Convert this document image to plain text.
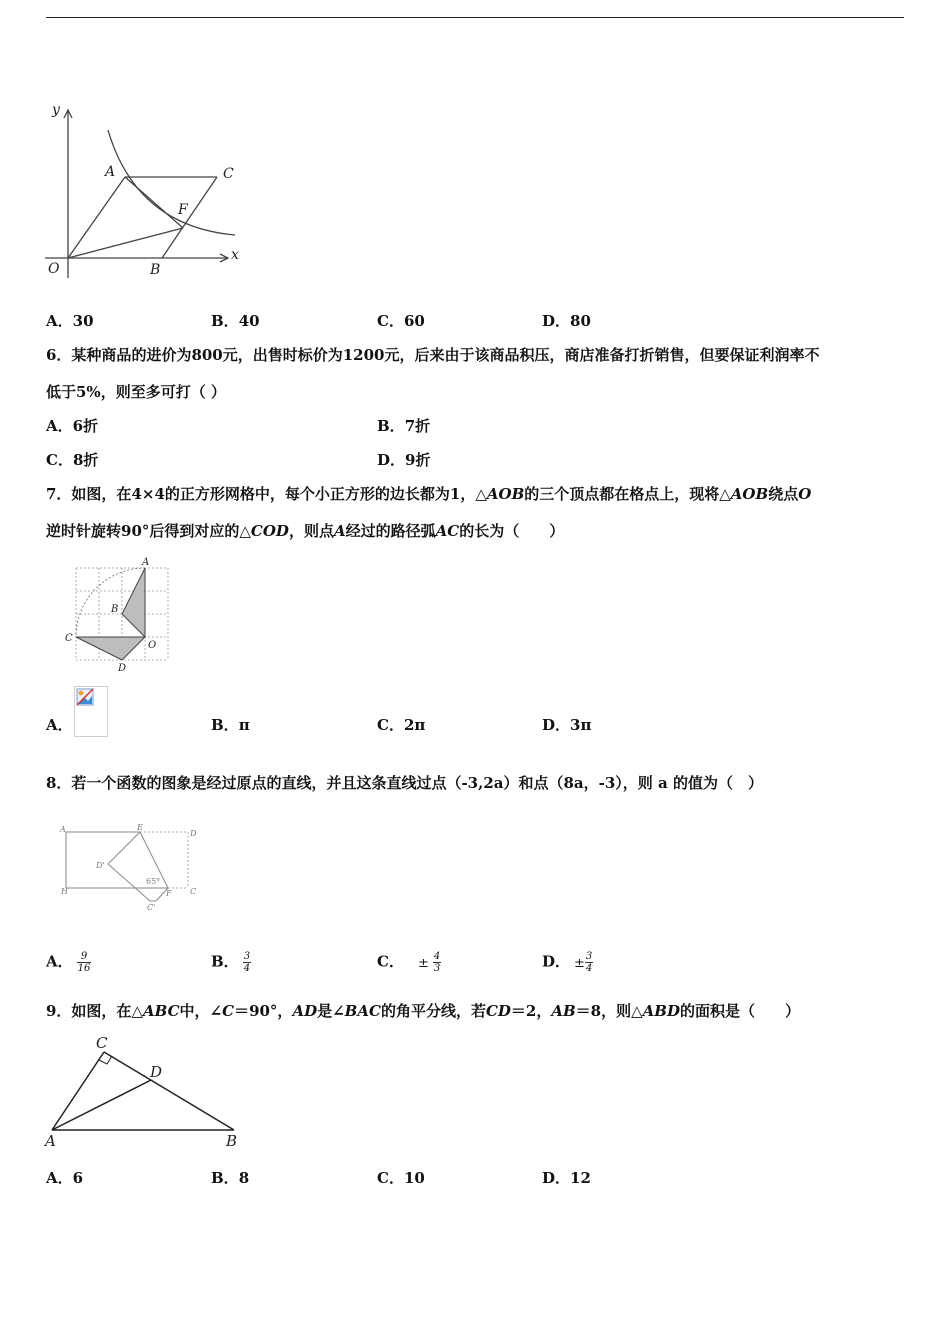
y
x
O
A
B
C
F
A．30	B．40	C．60	D．80
6．某种商品的进价为800元，出售时标价为1200元，后来由于该商品积压，商店准备打折销售，但要保证利润率不
低于5%，则至多可打（ ）
A．6折	B．7折
C．8折	D．9折
7．如图，在4×4的正方形网格中，每个小正方形的边长都为1，△AOB的三个顶点都在格点上，现将△AOB绕点O
逆时针旋转90°后得到对应的△COD，则点A经过的路径弧AC的长为（　　）
A
B
C
O
D
A．	B．π	C．2π	D．3π
8．若一个函数的图象是经过原点的直线，并且这条直线过点（-3,2a）和点（8a，-3），则 a 的值为（　）
A	E
D
D'
65°
H	F C
C'
A． $\frac{9}{16}$	B． $\frac{3}{4}$	C． ± $\frac{4}{3}$	D． ± $\frac{3}{4}$
9．如图，在△ABC中，∠C＝90°，AD是∠BAC的角平分线，若CD＝2，AB＝8，则△ABD的面积是（　　）
C
D
A	B
A．6	B．8	C．10	D．12
